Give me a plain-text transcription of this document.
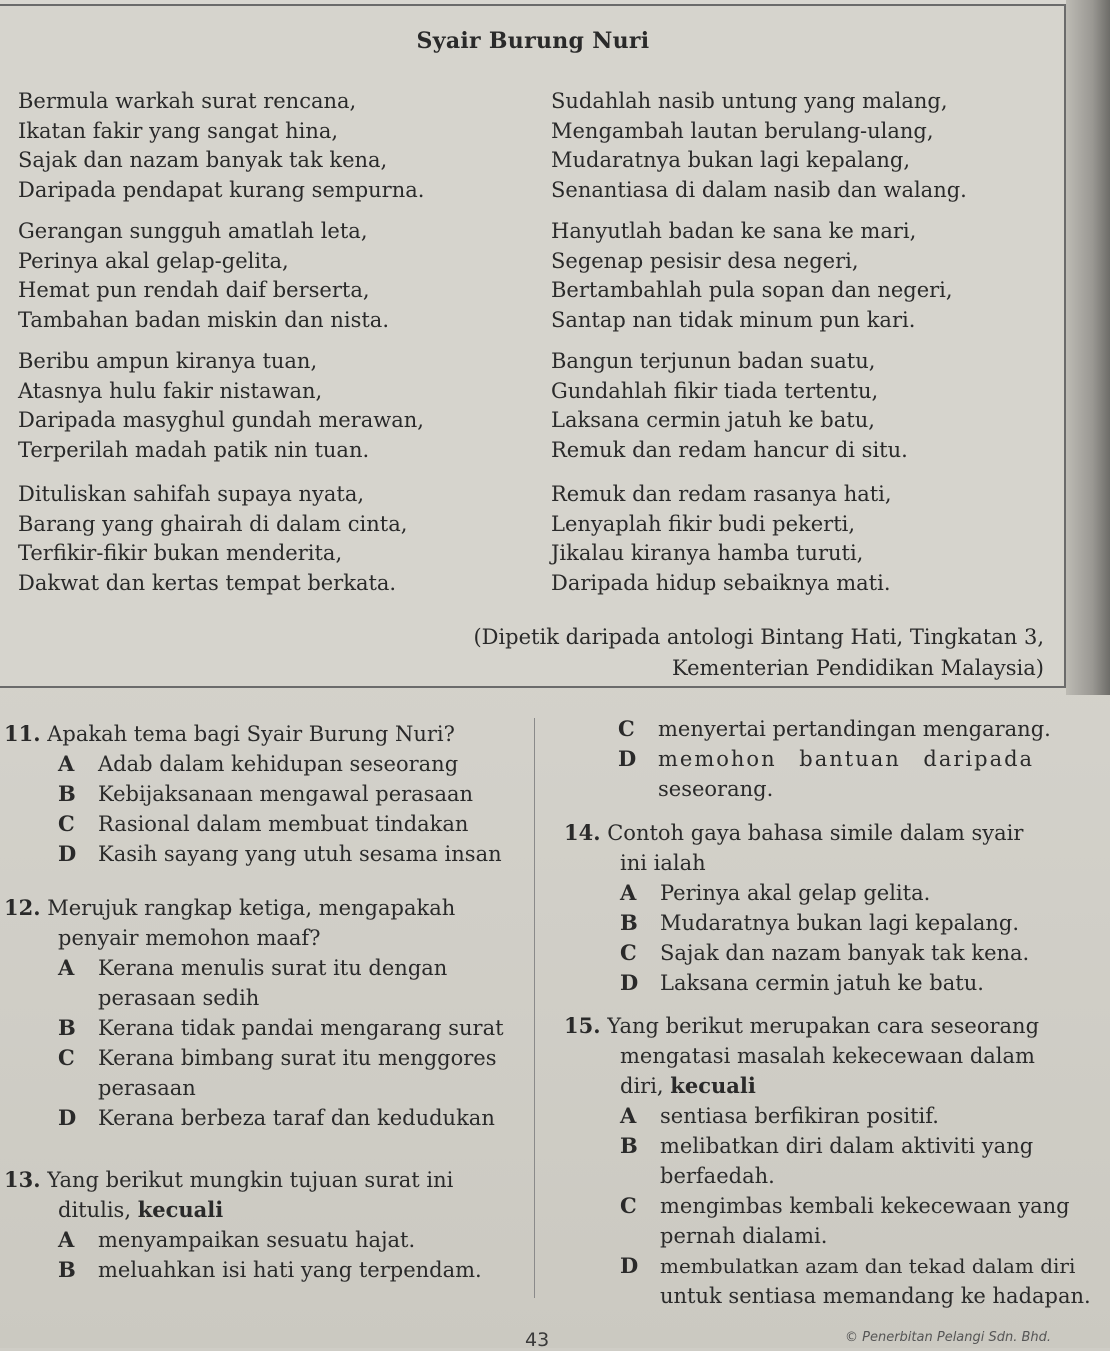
Syair Burung Nuri
Bermula warkah surat rencana,
Ikatan fakir yang sangat hina,
Sajak dan nazam banyak tak kena,
Daripada pendapat kurang sempurna.
Gerangan sungguh amatlah leta,
Perinya akal gelap-gelita,
Hemat pun rendah daif berserta,
Tambahan badan miskin dan nista.
Beribu ampun kiranya tuan,
Atasnya hulu fakir nistawan,
Daripada masyghul gundah merawan,
Terperilah madah patik nin tuan.
Dituliskan sahifah supaya nyata,
Barang yang ghairah di dalam cinta,
Terfikir-fikir bukan menderita,
Dakwat dan kertas tempat berkata.
Sudahlah nasib untung yang malang,
Mengambah lautan berulang-ulang,
Mudaratnya bukan lagi kepalang,
Senantiasa di dalam nasib dan walang.
Hanyutlah badan ke sana ke mari,
Segenap pesisir desa negeri,
Bertambahlah pula sopan dan negeri,
Santap nan tidak minum pun kari.
Bangun terjunun badan suatu,
Gundahlah fikir tiada tertentu,
Laksana cermin jatuh ke batu,
Remuk dan redam hancur di situ.
Remuk dan redam rasanya hati,
Lenyaplah fikir budi pekerti,
Jikalau kiranya hamba turuti,
Daripada hidup sebaiknya mati.
(Dipetik daripada antologi Bintang Hati, Tingkatan 3,
Kementerian Pendidikan Malaysia)
11. Apakah tema bagi Syair Burung Nuri?
A Adab dalam kehidupan seseorang
B Kebijaksanaan mengawal perasaan
C Rasional dalam membuat tindakan
D Kasih sayang yang utuh sesama insan
12. Merujuk rangkap ketiga, mengapakah
penyair memohon maaf?
A Kerana menulis surat itu dengan
perasaan sedih
B Kerana tidak pandai mengarang surat
C Kerana bimbang surat itu menggores
perasaan
D Kerana berbeza taraf dan kedudukan
13. Yang berikut mungkin tujuan surat ini
ditulis, kecuali
A menyampaikan sesuatu hajat.
B meluahkan isi hati yang terpendam.
C menyertai pertandingan mengarang.
D memohon bantuan daripada
seseorang.
14. Contoh gaya bahasa simile dalam syair
ini ialah
A Perinya akal gelap gelita.
B Mudaratnya bukan lagi kepalang.
C Sajak dan nazam banyak tak kena.
D Laksana cermin jatuh ke batu.
15. Yang berikut merupakan cara seseorang
mengatasi masalah kekecewaan dalam
diri, kecuali
A sentiasa berfikiran positif.
B melibatkan diri dalam aktiviti yang
berfaedah.
C mengimbas kembali kekecewaan yang
pernah dialami.
D membulatkan azam dan tekad dalam diri
untuk sentiasa memandang ke hadapan.
43	© Penerbitan Pelangi Sdn. Bhd.
